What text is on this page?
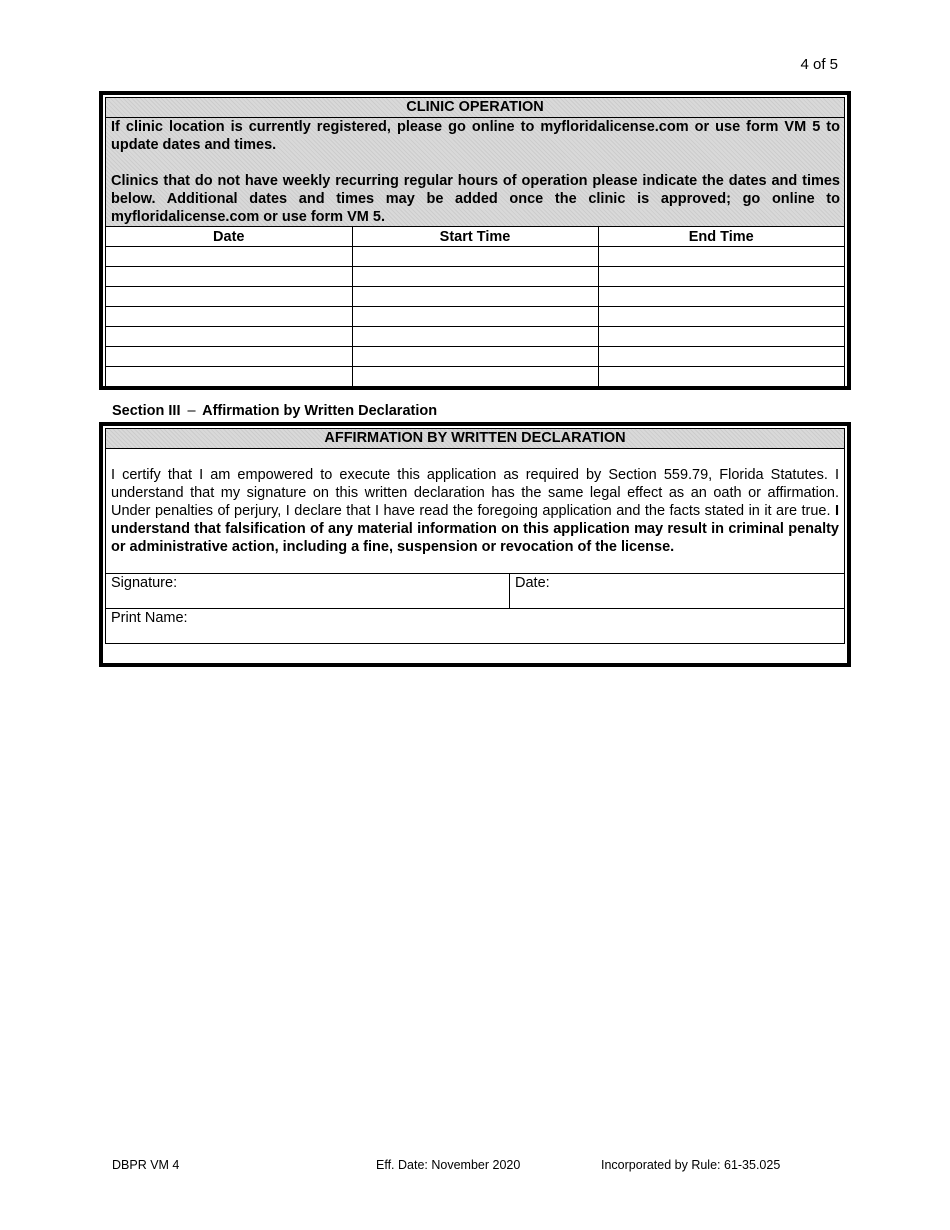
4 of 5
CLINIC OPERATION

If clinic location is currently registered, please go online to myfloridalicense.com or use form VM 5 to update dates and times.

Clinics that do not have weekly recurring regular hours of operation please indicate the dates and times below. Additional dates and times may be added once the clinic is approved; go online to myfloridalicense.com or use form VM 5.

Date	Start Time	End Time

Section III – Affirmation by Written Declaration
AFFIRMATION BY WRITTEN DECLARATION
I certify that I am empowered to execute this application as required by Section 559.79, Florida Statutes. I understand that my signature on this written declaration has the same legal effect as an oath or affirmation. Under penalties of perjury, I declare that I have read the foregoing application and the facts stated in it are true. I understand that falsification of any material information on this application may result in criminal penalty or administrative action, including a fine, suspension or revocation of the license.
Signature:	Date:
Print Name:
DBPR VM 4	Eff. Date: November 2020	Incorporated by Rule: 61-35.025
